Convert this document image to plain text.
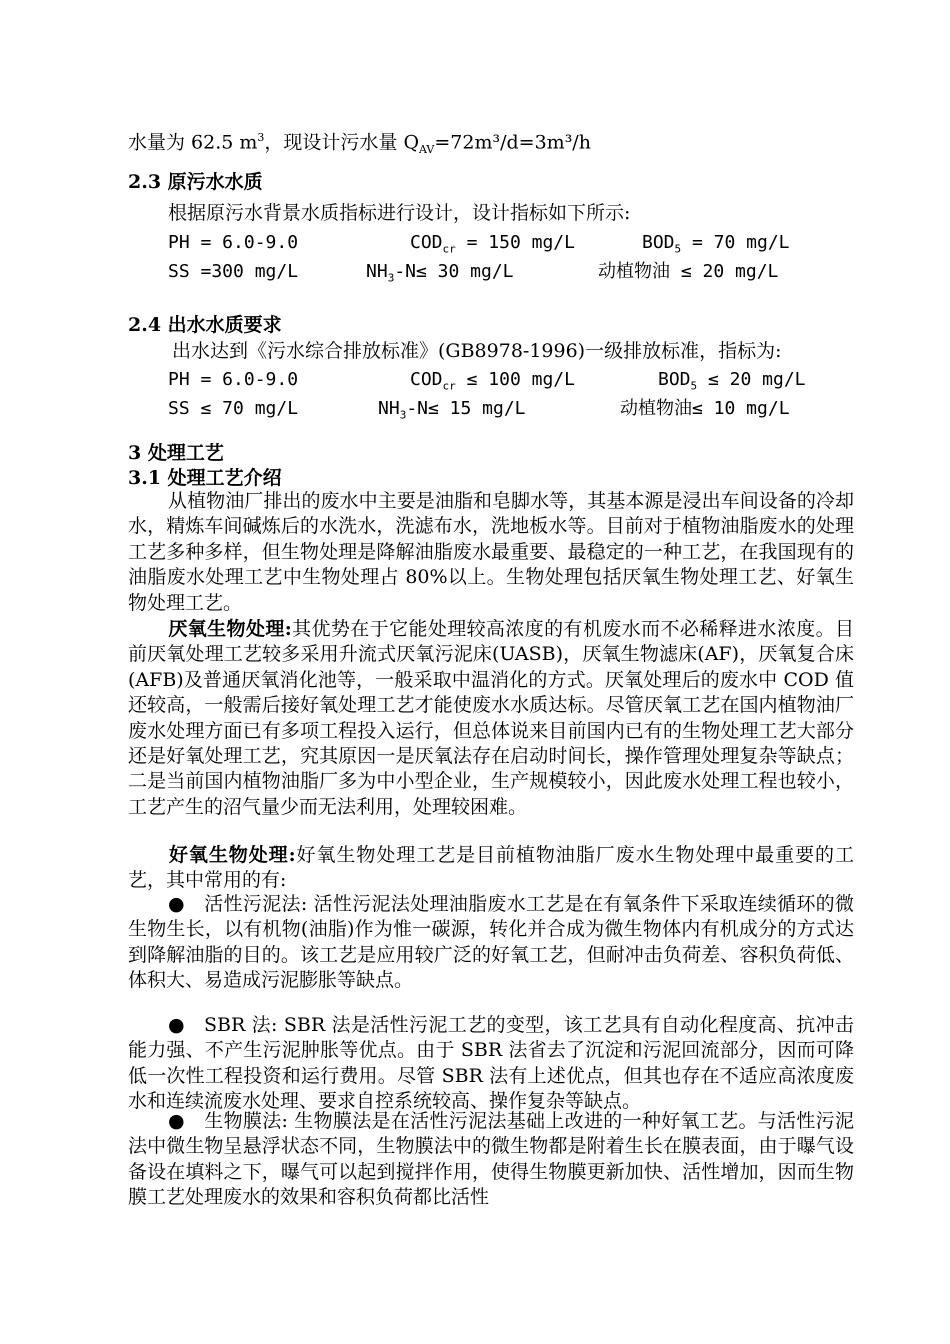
水量为 62.5 $m^3$，现设计污水量 $Q_{AV}=72m^3/d=3m^3/h$
2.3 原污水水质
根据原污水背景水质指标进行设计，设计指标如下所示:
PH = 6.0-9.0	$COD_{cr} = 150$ mg/L	$BOD_5 = 70$ mg/L
SS =300 mg/L	$NH_3-N\le 30$ mg/L	动植物油 ≤ 20 mg/L
2.4 出水水质要求
出水达到《污水综合排放标准》(GB8978-1996)一级排放标准，指标为:
PH = 6.0-9.0	$COD_{cr} \le 100$ mg/L	$BOD_5 \le 20$ mg/L
SS ≤ 70 mg/L	$NH_3-N\le 15$ mg/L	动植物油≤ 10 mg/L
3 处理工艺
3.1 处理工艺介绍
从植物油厂排出的废水中主要是油脂和皂脚水等，其基本源是浸出车间设备的冷却水，精炼车间碱炼后的水洗水，洗滤布水，洗地板水等。目前对于植物油脂废水的处理工艺多种多样，但生物处理是降解油脂废水最重要、最稳定的一种工艺，在我国现有的油脂废水处理工艺中生物处理占 80%以上。生物处理包括厌氧生物处理工艺、好氧生物处理工艺。
厌氧生物处理:其优势在于它能处理较高浓度的有机废水而不必稀释进水浓度。目前厌氧处理工艺较多采用升流式厌氧污泥床(UASB)，厌氧生物滤床(AF)，厌氧复合床(AFB)及普通厌氧消化池等，一般采取中温消化的方式。厌氧处理后的废水中 COD 值还较高，一般需后接好氧处理工艺才能使废水水质达标。尽管厌氧工艺在国内植物油厂废水处理方面已有多项工程投入运行，但总体说来目前国内已有的生物处理工艺大部分还是好氧处理工艺，究其原因一是厌氧法存在启动时间长，操作管理处理复杂等缺点；二是当前国内植物油脂厂多为中小型企业，生产规模较小，因此废水处理工程也较小，工艺产生的沼气量少而无法利用，处理较困难。
好氧生物处理:好氧生物处理工艺是目前植物油脂厂废水生物处理中最重要的工艺，其中常用的有:
● 活性污泥法: 活性污泥法处理油脂废水工艺是在有氧条件下采取连续循环的微生物生长，以有机物(油脂)作为惟一碳源，转化并合成为微生物体内有机成分的方式达到降解油脂的目的。该工艺是应用较广泛的好氧工艺，但耐冲击负荷差、容积负荷低、体积大、易造成污泥膨胀等缺点。
● SBR 法: SBR 法是活性污泥工艺的变型，该工艺具有自动化程度高、抗冲击能力强、不产生污泥肿胀等优点。由于 SBR 法省去了沉淀和污泥回流部分，因而可降低一次性工程投资和运行费用。尽管 SBR 法有上述优点，但其也存在不适应高浓度废水和连续流废水处理、要求自控系统较高、操作复杂等缺点。
● 生物膜法: 生物膜法是在活性污泥法基础上改进的一种好氧工艺。与活性污泥法中微生物呈悬浮状态不同，生物膜法中的微生物都是附着生长在膜表面，由于曝气设备设在填料之下，曝气可以起到搅拌作用，使得生物膜更新加快、活性增加，因而生物膜工艺处理废水的效果和容积负荷都比活性
